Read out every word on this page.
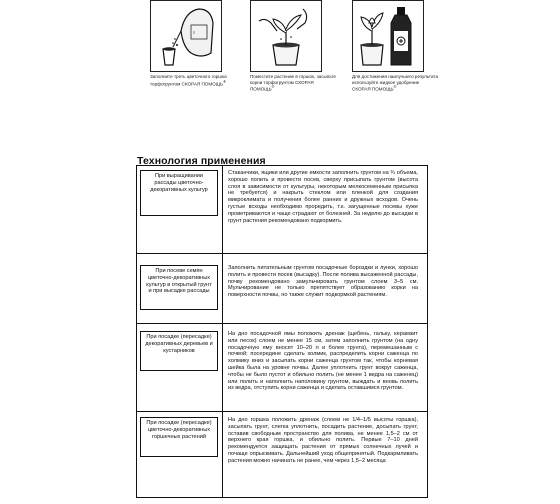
≡
Заполните треть цветочного горшка торфогрунтом СКОРАЯ ПОМОЩЬ®
Поместите растение в горшок, засыпьте корни торфогрунтом СКОРАЯ ПОМОЩЬ®
Для достижения наилучшего результата используйте жидкое удобрение СКОРАЯ ПОМОЩЬ®
Технология применения
При выращивании рассады цветочно-декоративных культур
Стаканчики, ящики или другие емкости заполнить грунтом на ¾ объема, хорошо полить и провести посев, сверху присыпать грунтом (высота слоя в зависимости от культуры, некоторым мелкосеменным присыпка не требуется) и накрыть стеклом или пленкой для создания микроклимата и получения более ранних и дружных всходов. Очень густые всходы необходимо проредить, т.к. загущенные посевы хуже проветриваются и чаще страдают от болезней. За неделю до высадки в грунт растения рекомендовано подкормить.
При посеве семян цветочно-декоративных культур в открытый грунт и при высадке рассады
Заполнить питательным грунтом посадочные бороздки и лунки, хорошо полить и провести посев (высадку). После полива высаженной рассады, почву рекомендовано замульчировать грунтом слоем 3–5 см. Мульчирование не только препятствует образованию корки на поверхности почвы, но также служит подкормкой растениям.
При посадке (пересадке) декоративных деревьев и кустарников
На дно посадочной ямы положить дренаж (щебень, гальку, керамзит или песок) слоем не менее 15 см, затем заполнить грунтом (на одну посадочную яму вносят 10–20 л и более грунта), перемешанным с почвой; посередине сделать холмик, распределить корни саженца по холмику вниз и засыпать корни саженца грунтом так, чтобы корневая шейка была на уровне почвы. Далее уплотнить грунт вокруг саженца, чтобы не было пустот и обильно полить (не менее 1 ведра на саженец) или полить и наполнить наполовину грунтом, выждать и вновь полить из ведра, отступить корни саженца и сделать оставшимся грунтом.
При посадке (пересадке) цветочно-декоративных горшечных растений
На дно горшка положить дренаж (слоем не 1/4–1/5 высоты горшка), засыпать грунт, слегка уплотнить, посадить растение, досыпать грунт, оставив свободным пространство для полива, не менее 1,5–2 см от верхнего края горшка, и обильно полить. Первые 7–10 дней рекомендуется защищать растения от прямых солнечных лучей и почаще опрыскивать. Дальнейший уход общепринятый. Подкармливать растения можно начинать не ранее, чем через 1,5–2 месяца
